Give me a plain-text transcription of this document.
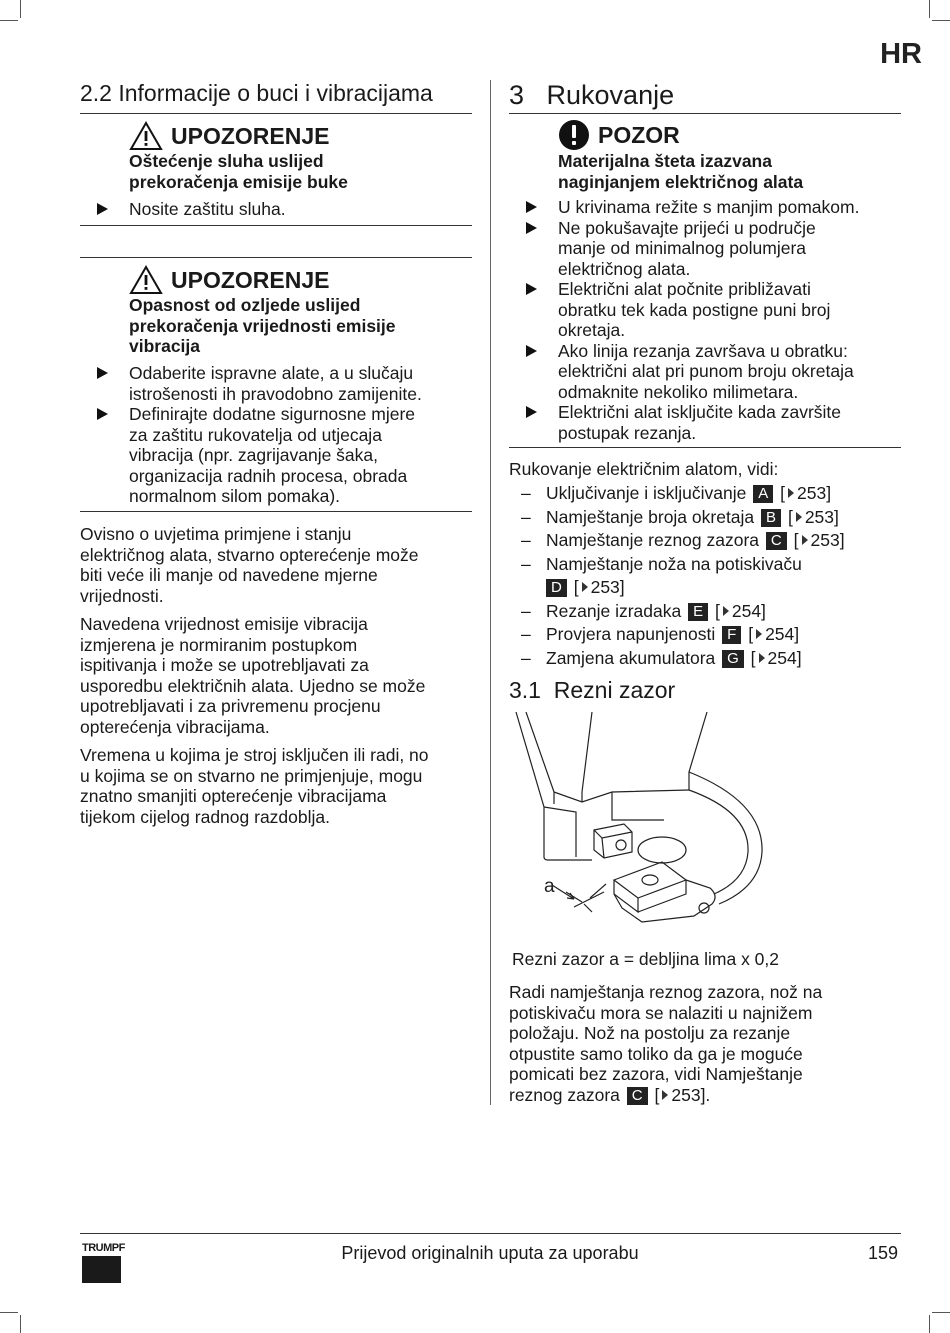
HR
2.2 Informacije o buci i vibracijama
UPOZORENJE
Oštećenje sluha uslijed
prekoračenja emisije buke
Nosite zaštitu sluha.
UPOZORENJE
Opasnost od ozljede uslijed
prekoračenja vrijednosti emisije
vibracija
Odaberite ispravne alate, a u slučaju
istrošenosti ih pravodobno zamijenite.
Definirajte dodatne sigurnosne mjere
za zaštitu rukovatelja od utjecaja
vibracija (npr. zagrijavanje šaka,
organizacija radnih procesa, obrada
normalnom silom pomaka).
Ovisno o uvjetima primjene i stanju
električnog alata, stvarno opterećenje može
biti veće ili manje od navedene mjerne
vrijednosti.
Navedena vrijednost emisije vibracija
izmjerena je normiranim postupkom
ispitivanja i može se upotrebljavati za
usporedbu električnih alata. Ujedno se može
upotrebljavati i za privremenu procjenu
opterećenja vibracijama.
Vremena u kojima je stroj isključen ili radi, no
u kojima se on stvarno ne primjenjuje, mogu
znatno smanjiti opterećenje vibracijama
tijekom cijelog radnog razdoblja.
3   Rukovanje
POZOR
Materijalna šteta izazvana
naginjanjem električnog alata
U krivinama režite s manjim pomakom.
Ne pokušavajte prijeći u područje
manje od minimalnog polumjera
električnog alata.
Električni alat počnite približavati
obratku tek kada postigne puni broj
okretaja.
Ako linija rezanja završava u obratku:
električni alat pri punom broju okretaja
odmaknite nekoliko milimetara.
Električni alat isključite kada završite
postupak rezanja.
Rukovanje električnim alatom, vidi:
– Uključivanje i isključivanje A [ 253]
– Namještanje broja okretaja B [ 253]
– Namještanje reznog zazora C [ 253]
– Namještanje noža na potiskivaču
D [ 253]
– Rezanje izradaka E [ 254]
– Provjera napunjenosti F [ 254]
– Zamjena akumulatora G [ 254]
3.1  Rezni zazor
Rezni zazor a = debljina lima x 0,2
Radi namještanja reznog zazora, nož na
potiskivaču mora se nalaziti u najnižem
položaju. Nož na postolju za rezanje
otpustite samo toliko da ga je moguće
pomicati bez zazora, vidi Namještanje
reznog zazora C [ 253].
a
TRUMPF	Prijevod originalnih uputa za uporabu	159
